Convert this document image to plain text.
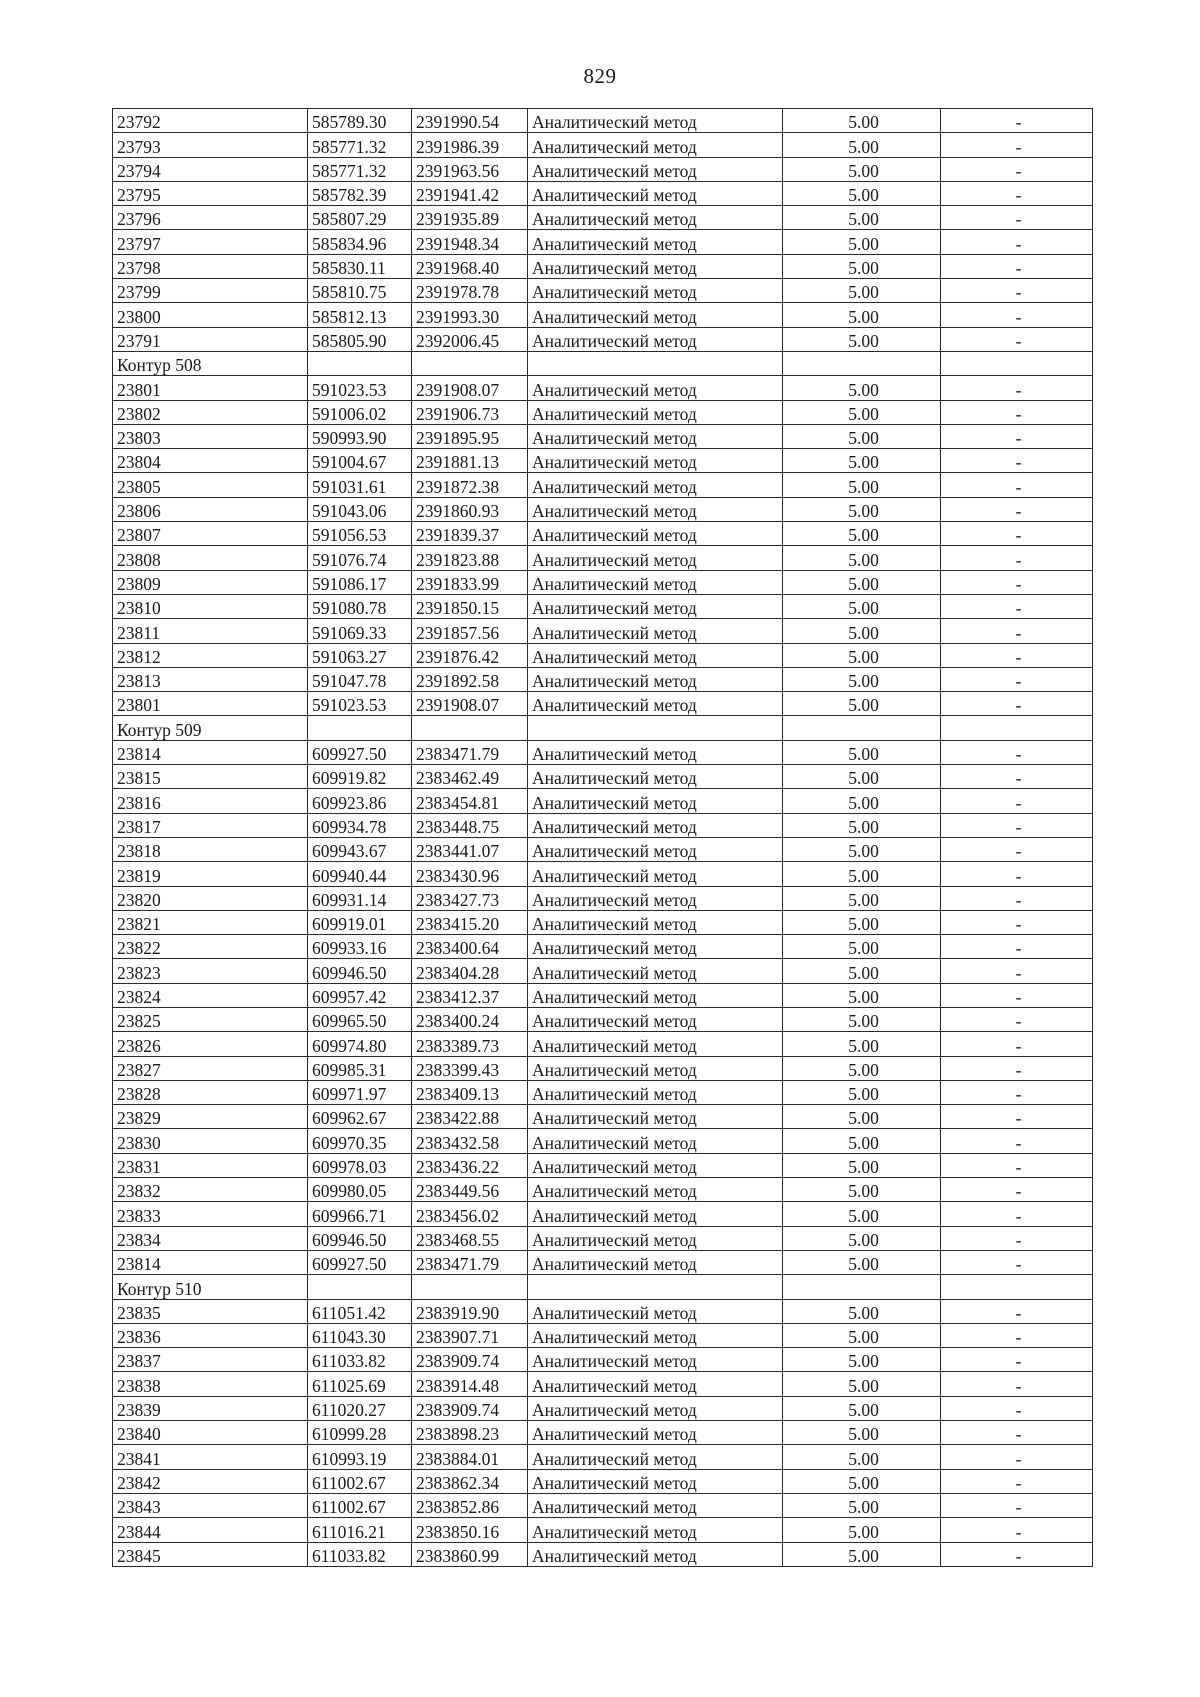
829
23792	585789.30	2391990.54	Аналитический метод	5.00	-
23793	585771.32	2391986.39	Аналитический метод	5.00	-
23794	585771.32	2391963.56	Аналитический метод	5.00	-
23795	585782.39	2391941.42	Аналитический метод	5.00	-
23796	585807.29	2391935.89	Аналитический метод	5.00	-
23797	585834.96	2391948.34	Аналитический метод	5.00	-
23798	585830.11	2391968.40	Аналитический метод	5.00	-
23799	585810.75	2391978.78	Аналитический метод	5.00	-
23800	585812.13	2391993.30	Аналитический метод	5.00	-
23791	585805.90	2392006.45	Аналитический метод	5.00	-
Контур 508					
23801	591023.53	2391908.07	Аналитический метод	5.00	-
23802	591006.02	2391906.73	Аналитический метод	5.00	-
23803	590993.90	2391895.95	Аналитический метод	5.00	-
23804	591004.67	2391881.13	Аналитический метод	5.00	-
23805	591031.61	2391872.38	Аналитический метод	5.00	-
23806	591043.06	2391860.93	Аналитический метод	5.00	-
23807	591056.53	2391839.37	Аналитический метод	5.00	-
23808	591076.74	2391823.88	Аналитический метод	5.00	-
23809	591086.17	2391833.99	Аналитический метод	5.00	-
23810	591080.78	2391850.15	Аналитический метод	5.00	-
23811	591069.33	2391857.56	Аналитический метод	5.00	-
23812	591063.27	2391876.42	Аналитический метод	5.00	-
23813	591047.78	2391892.58	Аналитический метод	5.00	-
23801	591023.53	2391908.07	Аналитический метод	5.00	-
Контур 509					
23814	609927.50	2383471.79	Аналитический метод	5.00	-
23815	609919.82	2383462.49	Аналитический метод	5.00	-
23816	609923.86	2383454.81	Аналитический метод	5.00	-
23817	609934.78	2383448.75	Аналитический метод	5.00	-
23818	609943.67	2383441.07	Аналитический метод	5.00	-
23819	609940.44	2383430.96	Аналитический метод	5.00	-
23820	609931.14	2383427.73	Аналитический метод	5.00	-
23821	609919.01	2383415.20	Аналитический метод	5.00	-
23822	609933.16	2383400.64	Аналитический метод	5.00	-
23823	609946.50	2383404.28	Аналитический метод	5.00	-
23824	609957.42	2383412.37	Аналитический метод	5.00	-
23825	609965.50	2383400.24	Аналитический метод	5.00	-
23826	609974.80	2383389.73	Аналитический метод	5.00	-
23827	609985.31	2383399.43	Аналитический метод	5.00	-
23828	609971.97	2383409.13	Аналитический метод	5.00	-
23829	609962.67	2383422.88	Аналитический метод	5.00	-
23830	609970.35	2383432.58	Аналитический метод	5.00	-
23831	609978.03	2383436.22	Аналитический метод	5.00	-
23832	609980.05	2383449.56	Аналитический метод	5.00	-
23833	609966.71	2383456.02	Аналитический метод	5.00	-
23834	609946.50	2383468.55	Аналитический метод	5.00	-
23814	609927.50	2383471.79	Аналитический метод	5.00	-
Контур 510					
23835	611051.42	2383919.90	Аналитический метод	5.00	-
23836	611043.30	2383907.71	Аналитический метод	5.00	-
23837	611033.82	2383909.74	Аналитический метод	5.00	-
23838	611025.69	2383914.48	Аналитический метод	5.00	-
23839	611020.27	2383909.74	Аналитический метод	5.00	-
23840	610999.28	2383898.23	Аналитический метод	5.00	-
23841	610993.19	2383884.01	Аналитический метод	5.00	-
23842	611002.67	2383862.34	Аналитический метод	5.00	-
23843	611002.67	2383852.86	Аналитический метод	5.00	-
23844	611016.21	2383850.16	Аналитический метод	5.00	-
23845	611033.82	2383860.99	Аналитический метод	5.00	-
